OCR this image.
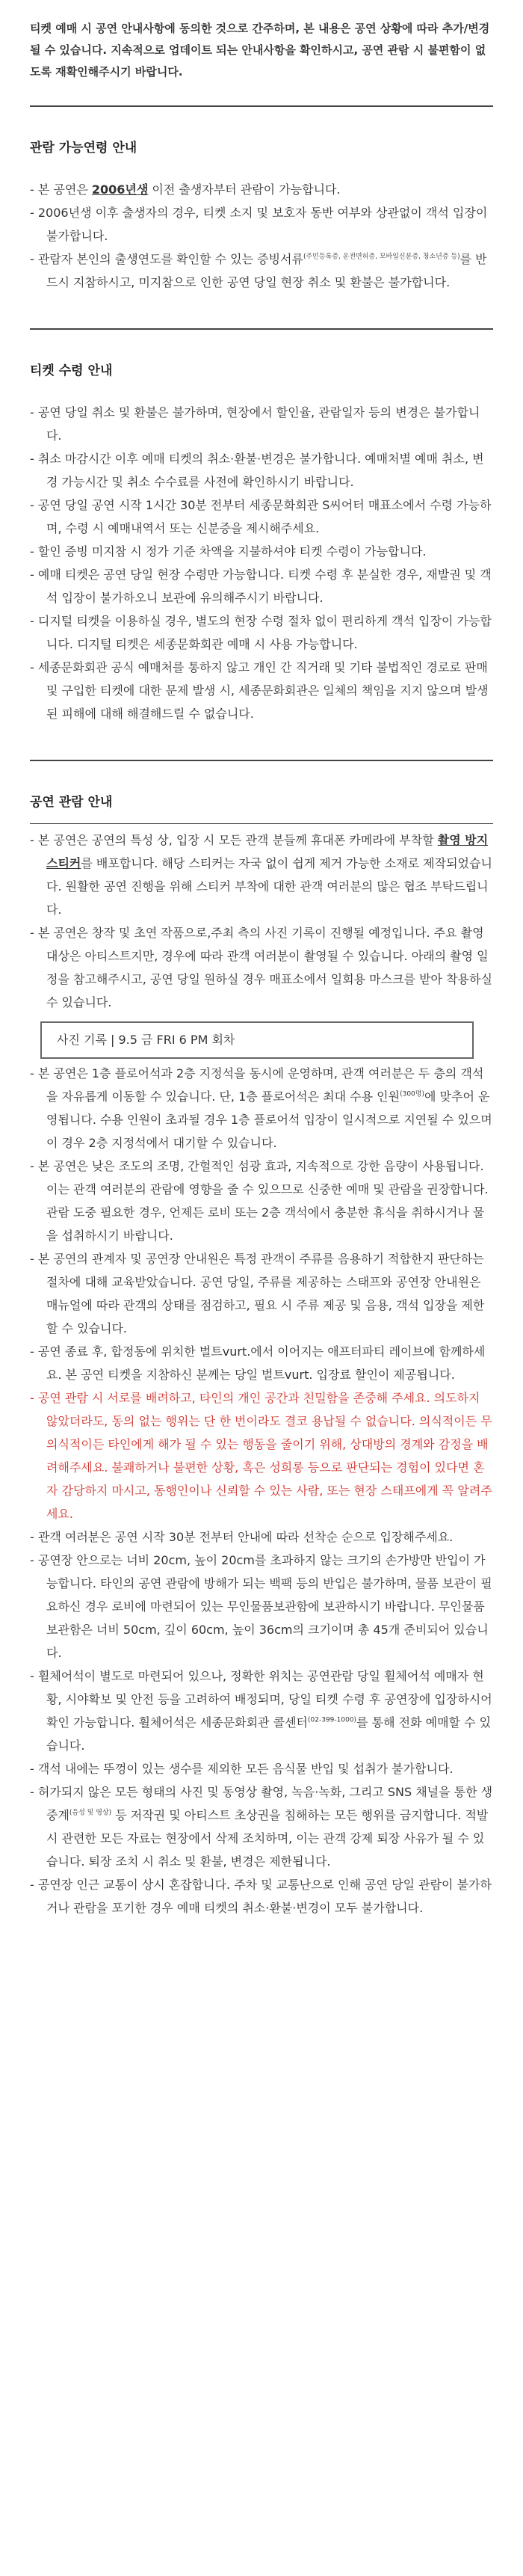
티켓 예매 시 공연 안내사항에 동의한 것으로 간주하며, 본 내용은 공연 상황에 따라 추가/변경될 수 있습니다. 지속적으로 업데이트 되는 안내사항을 확인하시고, 공연 관람 시 불편함이 없도록 재확인해주시기 바랍니다.

관람 가능연령 안내
- 본 공연은 2006년생 이전 출생자부터 관람이 가능합니다.
- 2006년생 이후 출생자의 경우, 티켓 소지 및 보호자 동반 여부와 상관없이 객석 입장이 불가합니다.
- 관람자 본인의 출생연도를 확인할 수 있는 증빙서류$^{(주민등록증, 운전면허증, 모바일신분증, 청소년증 등)}$를 반드시 지참하시고, 미지참으로 인한 공연 당일 현장 취소 및 환불은 불가합니다.
티켓 수령 안내
- 공연 당일 취소 및 환불은 불가하며, 현장에서 할인율, 관람일자 등의 변경은 불가합니다.
- 취소 마감시간 이후 예매 티켓의 취소·환불·변경은 불가합니다. 예매처별 예매 취소, 변경 가능시간 및 취소 수수료를 사전에 확인하시기 바랍니다.
- 공연 당일 공연 시작 1시간 30분 전부터 세종문화회관 S씨어터 매표소에서 수령 가능하며, 수령 시 예매내역서 또는 신분증을 제시해주세요.
- 할인 증빙 미지참 시 정가 기준 차액을 지불하셔야 티켓 수령이 가능합니다.
- 예매 티켓은 공연 당일 현장 수령만 가능합니다. 티켓 수령 후 분실한 경우, 재발권 및 객석 입장이 불가하오니 보관에 유의해주시기 바랍니다.
- 디지털 티켓을 이용하실 경우, 별도의 현장 수령 절차 없이 편리하게 객석 입장이 가능합니다. 디지털 티켓은 세종문화회관 예매 시 사용 가능합니다.
- 세종문화회관 공식 예매처를 통하지 않고 개인 간 직거래 및 기타 불법적인 경로로 판매 및 구입한 티켓에 대한 문제 발생 시, 세종문화회관은 일체의 책임을 지지 않으며 발생된 피해에 대해 해결해드릴 수 없습니다.
공연 관람 안내
- 본 공연은 공연의 특성 상, 입장 시 모든 관객 분들께 휴대폰 카메라에 부착할 촬영 방지 스티커를 배포합니다. 해당 스티커는 자국 없이 쉽게 제거 가능한 소재로 제작되었습니다. 원활한 공연 진행을 위해 스티커 부착에 대한 관객 여러분의 많은 협조 부탁드립니다.
- 본 공연은 창작 및 초연 작품으로,주최 측의 사진 기록이 진행될 예정입니다. 주요 촬영 대상은 아티스트지만, 경우에 따라 관객 여러분이 촬영될 수 있습니다. 아래의 촬영 일정을 참고해주시고, 공연 당일 원하실 경우 매표소에서 일회용 마스크를 받아 착용하실 수 있습니다.
사진 기록 | 9.5 금 FRI 6 PM 회차
- 본 공연은 1층 플로어석과 2층 지정석을 동시에 운영하며, 관객 여러분은 두 층의 객석을 자유롭게 이동할 수 있습니다. 단, 1층 플로어석은 최대 수용 인원$^{(300명)}$에 맞추어 운영됩니다. 수용 인원이 초과될 경우 1층 플로어석 입장이 일시적으로 지연될 수 있으며 이 경우 2층 지정석에서 대기할 수 있습니다.
- 본 공연은 낮은 조도의 조명, 간헐적인 섬광 효과, 지속적으로 강한 음량이 사용됩니다. 이는 관객 여러분의 관람에 영향을 줄 수 있으므로 신중한 예매 및 관람을 권장합니다. 관람 도중 필요한 경우, 언제든 로비 또는 2층 객석에서 충분한 휴식을 취하시거나 물을 섭취하시기 바랍니다.
- 본 공연의 관계자 및 공연장 안내원은 특정 관객이 주류를 음용하기 적합한지 판단하는 절차에 대해 교육받았습니다. 공연 당일, 주류를 제공하는 스태프와 공연장 안내원은 매뉴얼에 따라 관객의 상태를 점검하고, 필요 시 주류 제공 및 음용, 객석 입장을 제한할 수 있습니다.
- 공연 종료 후, 합정동에 위치한 벌트vurt.에서 이어지는 애프터파티 레이브에 함께하세요. 본 공연 티켓을 지참하신 분께는 당일 벌트vurt. 입장료 할인이 제공됩니다.
- 공연 관람 시 서로를 배려하고, 타인의 개인 공간과 친밀함을 존중해 주세요. 의도하지 않았더라도, 동의 없는 행위는 단 한 번이라도 결코 용납될 수 없습니다. 의식적이든 무의식적이든 타인에게 해가 될 수 있는 행동을 줄이기 위해, 상대방의 경계와 감정을 배려해주세요. 불쾌하거나 불편한 상황, 혹은 성희롱 등으로 판단되는 경험이 있다면 혼자 감당하지 마시고, 동행인이나 신뢰할 수 있는 사람, 또는 현장 스태프에게 꼭 알려주세요.
- 관객 여러분은 공연 시작 30분 전부터 안내에 따라 선착순 순으로 입장해주세요.
- 공연장 안으로는 너비 20cm, 높이 20cm를 초과하지 않는 크기의 손가방만 반입이 가능합니다. 타인의 공연 관람에 방해가 되는 백팩 등의 반입은 불가하며, 물품 보관이 필요하신 경우 로비에 마련되어 있는 무인물품보관함에 보관하시기 바랍니다. 무인물품보관함은 너비 50cm, 깊이 60cm, 높이 36cm의 크기이며 총 45개 준비되어 있습니다.
- 휠체어석이 별도로 마련되어 있으나, 정확한 위치는 공연관람 당일 휠체어석 예매자 현황, 시야확보 및 안전 등을 고려하여 배정되며, 당일 티켓 수령 후 공연장에 입장하시어 확인 가능합니다. 휠체어석은 세종문화회관 콜센터$^{(02-399-1000)}$를 통해 전화 예매할 수 있습니다.
- 객석 내에는 뚜껑이 있는 생수를 제외한 모든 음식물 반입 및 섭취가 불가합니다.
- 허가되지 않은 모든 형태의 사진 및 동영상 촬영, 녹음·녹화, 그리고 SNS 채널을 통한 생중계$^{(음성 및 영상)}$ 등 저작권 및 아티스트 초상권을 침해하는 모든 행위를 금지합니다. 적발 시 관련한 모든 자료는 현장에서 삭제 조치하며, 이는 관객 강제 퇴장 사유가 될 수 있습니다. 퇴장 조치 시 취소 및 환불, 변경은 제한됩니다.
- 공연장 인근 교통이 상시 혼잡합니다. 주차 및 교통난으로 인해 공연 당일 관람이 불가하거나 관람을 포기한 경우 예매 티켓의 취소·환불·변경이 모두 불가합니다.
